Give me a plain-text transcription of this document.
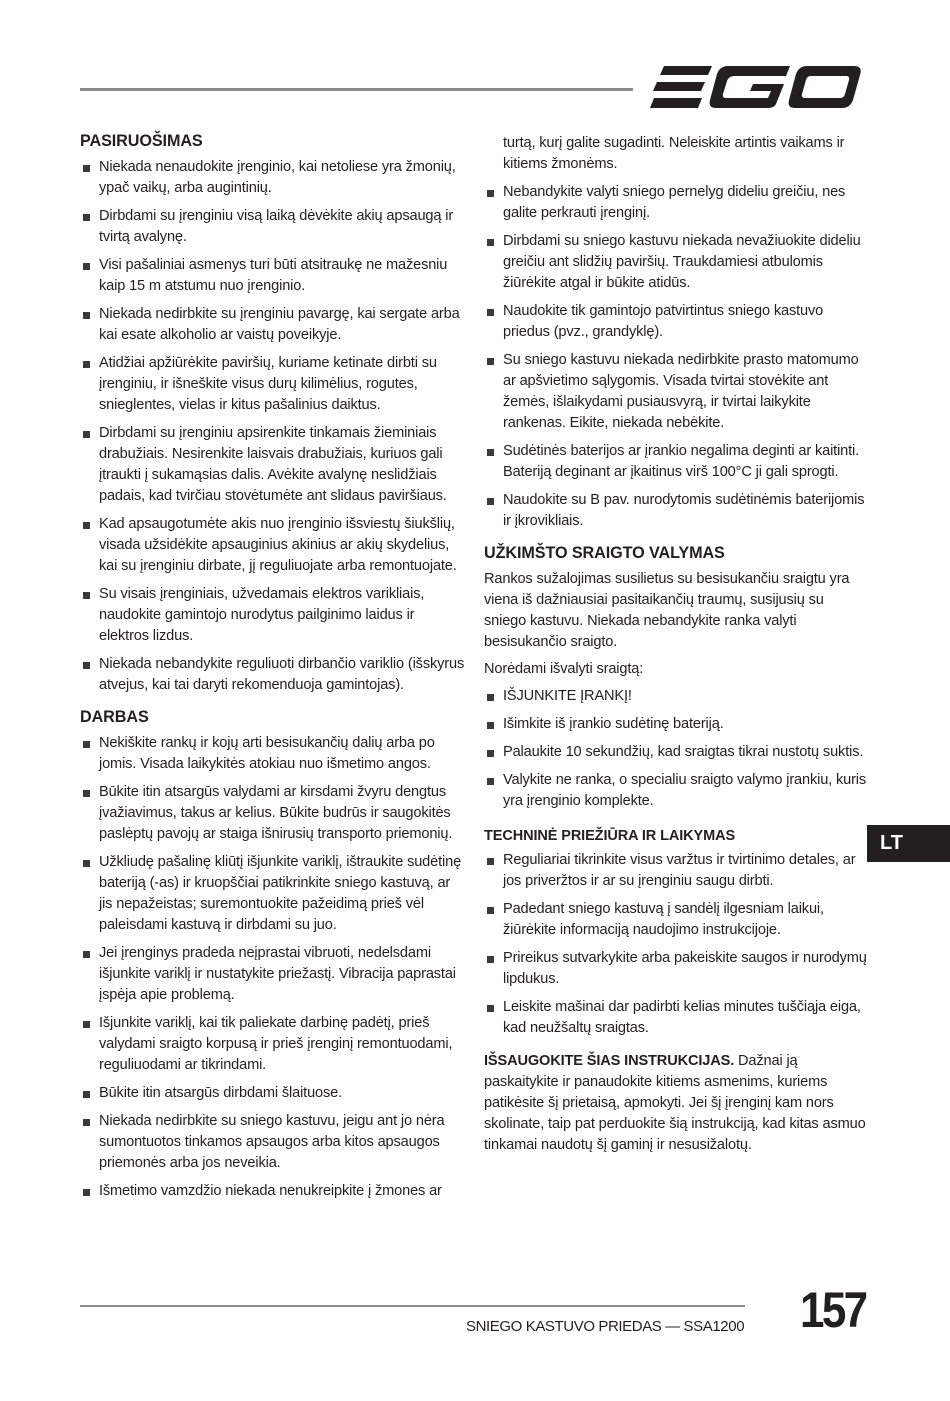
PASIRUOŠIMAS
Niekada nenaudokite įrenginio, kai netoliese yra žmonių, ypač vaikų, arba augintinių.
Dirbdami su įrenginiu visą laiką dėvėkite akių apsaugą ir tvirtą avalynę.
Visi pašaliniai asmenys turi būti atsitraukę ne mažesniu kaip 15 m atstumu nuo įrenginio.
Niekada nedirbkite su įrenginiu pavargę, kai sergate arba kai esate alkoholio ar vaistų poveikyje.
Atidžiai apžiūrėkite paviršių, kuriame ketinate dirbti su įrenginiu, ir išneškite visus durų kilimėlius, rogutes, snieglentes, vielas ir kitus pašalinius daiktus.
Dirbdami su įrenginiu apsirenkite tinkamais žieminiais drabužiais. Nesirenkite laisvais drabužiais, kuriuos gali įtraukti į sukamąsias dalis. Avėkite avalynę neslidžiais padais, kad tvirčiau stovėtumėte ant slidaus paviršiaus.
Kad apsaugotumėte akis nuo įrenginio išsviestų šiukšlių, visada užsidėkite apsauginius akinius ar akių skydelius, kai su įrenginiu dirbate, jį reguliuojate arba remontuojate.
Su visais įrenginiais, užvedamais elektros varikliais, naudokite gamintojo nurodytus pailginimo laidus ir elektros lizdus.
Niekada nebandykite reguliuoti dirbančio variklio (išskyrus atvejus, kai tai daryti rekomenduoja gamintojas).
DARBAS
Nekiškite rankų ir kojų arti besisukančių dalių arba po jomis. Visada laikykitės atokiau nuo išmetimo angos.
Būkite itin atsargūs valydami ar kirsdami žvyru dengtus įvažiavimus, takus ar kelius. Būkite budrūs ir saugokitės paslėptų pavojų ar staiga išnirusių transporto priemonių.
Užkliudę pašalinę kliūtį išjunkite variklį, ištraukite sudėtinę bateriją (-as) ir kruopščiai patikrinkite sniego kastuvą, ar jis nepažeistas; suremontuokite pažeidimą prieš vėl paleisdami kastuvą ir dirbdami su juo.
Jei įrenginys pradeda neįprastai vibruoti, nedelsdami išjunkite variklį ir nustatykite priežastį. Vibracija paprastai įspėja apie problemą.
Išjunkite variklį, kai tik paliekate darbinę padėtį, prieš valydami sraigto korpusą ir prieš įrenginį remontuodami, reguliuodami ar tikrindami.
Būkite itin atsargūs dirbdami šlaituose.
Niekada nedirbkite su sniego kastuvu, jeigu ant jo nėra sumontuotos tinkamos apsaugos arba kitos apsaugos priemonės arba jos neveikia.
Išmetimo vamzdžio niekada nenukreipkite į žmones ar
turtą, kurį galite sugadinti. Neleiskite artintis vaikams ir kitiems žmonėms.
Nebandykite valyti sniego pernelyg dideliu greičiu, nes galite perkrauti įrenginį.
Dirbdami su sniego kastuvu niekada nevažiuokite dideliu greičiu ant slidžių paviršių. Traukdamiesi atbulomis žiūrėkite atgal ir būkite atidūs.
Naudokite tik gamintojo patvirtintus sniego kastuvo priedus (pvz., grandyklę).
Su sniego kastuvu niekada nedirbkite prasto matomumo ar apšvietimo sąlygomis. Visada tvirtai stovėkite ant žemės, išlaikydami pusiausvyrą, ir tvirtai laikykite rankenas. Eikite, niekada nebėkite.
Sudėtinės baterijos ar įrankio negalima deginti ar kaitinti. Bateriją deginant ar įkaitinus virš 100°C ji gali sprogti.
Naudokite su B pav. nurodytomis sudėtinėmis baterijomis ir įkrovikliais.
UŽKIMŠTO SRAIGTO VALYMAS

Rankos sužalojimas susilietus su besisukančiu sraigtu yra viena iš dažniausiai pasitaikančių traumų, susijusių su sniego kastuvu. Niekada nebandykite ranka valyti besisukančio sraigto.

Norėdami išvalyti sraigtą:

IŠJUNKITE ĮRANKĮ!
Išimkite iš įrankio sudėtinę bateriją.
Palaukite 10 sekundžių, kad sraigtas tikrai nustotų suktis.
Valykite ne ranka, o specialiu sraigto valymo įrankiu, kuris yra įrenginio komplekte.
TECHNINĖ PRIEŽIŪRA IR LAIKYMAS
Reguliariai tikrinkite visus varžtus ir tvirtinimo detales, ar jos priveržtos ir ar su įrenginiu saugu dirbti.
Padedant sniego kastuvą į sandėlį ilgesniam laikui, žiūrėkite informaciją naudojimo instrukcijoje.
Prireikus sutvarkykite arba pakeiskite saugos ir nurodymų lipdukus.
Leiskite mašinai dar padirbti kelias minutes tuščiąja eiga, kad neužšaltų sraigtas.

IŠSAUGOKITE ŠIAS INSTRUKCIJAS. Dažnai ją paskaitykite ir panaudokite kitiems asmenims, kuriems patikėsite šį prietaisą, apmokyti. Jei šį įrenginį kam nors skolinate, taip pat perduokite šią instrukciją, kad kitas asmuo tinkamai naudotų šį gaminį ir nesusižalotų.

LT
SNIEGO KASTUVO PRIEDAS — SSA1200 157
